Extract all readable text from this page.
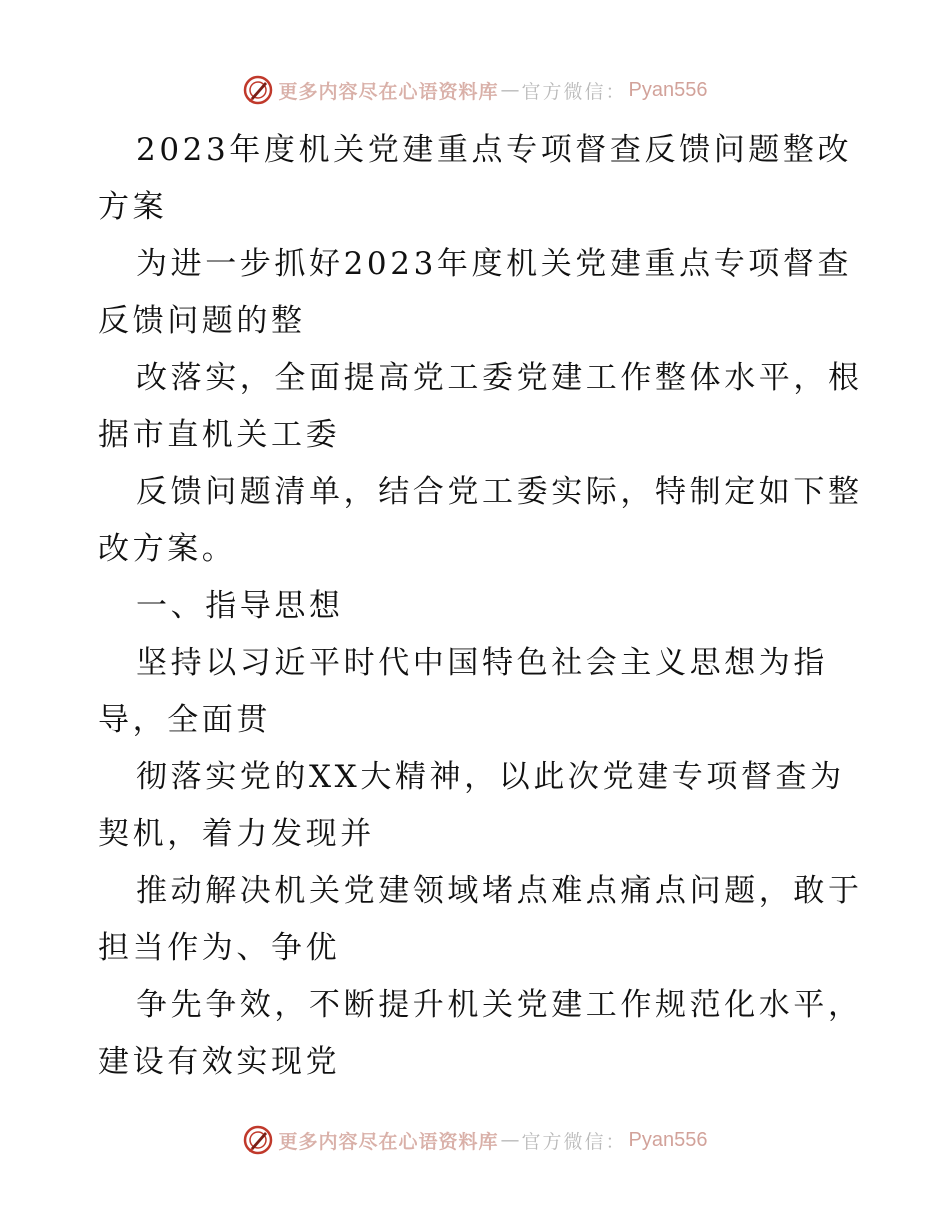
更多内容尽在心语资料库 — 官方微信： Pyan556
2023年度机关党建重点专项督查反馈问题整改
方案
为进一步抓好2023年度机关党建重点专项督查
反馈问题的整
改落实，全面提高党工委党建工作整体水平，根
据市直机关工委
反馈问题清单，结合党工委实际，特制定如下整
改方案。
一、指导思想
坚持以习近平时代中国特色社会主义思想为指
导，全面贯
彻落实党的XX大精神，以此次党建专项督查为
契机，着力发现并
推动解决机关党建领域堵点难点痛点问题，敢于
担当作为、争优
争先争效，不断提升机关党建工作规范化水平，
建设有效实现党
更多内容尽在心语资料库 — 官方微信： Pyan556
